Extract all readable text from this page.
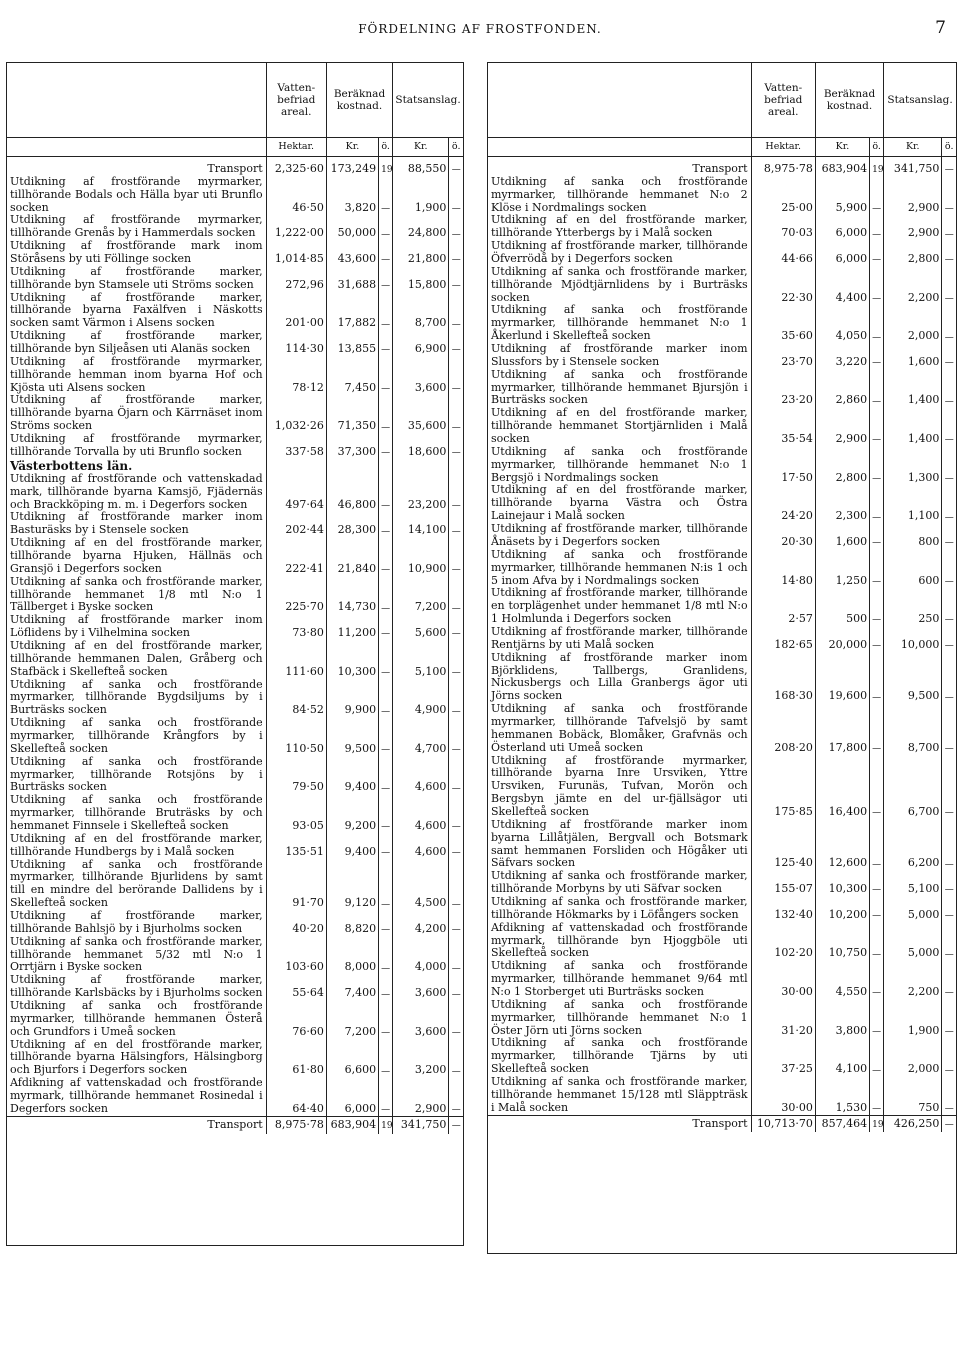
FÖRDELNING AF FROSTFONDEN.	7
	Vatten-befriad areal.	Beräknad kostnad.		Statsanslag.	
	Hektar.	Kr.	ö.	Kr.	ö.
Transport	2,325·60	173,249	19	88,550	—
Utdikning af frostförande myrmarker, tillhörande Bodals och Hälla byar uti Brunflo socken	46·50	3,820	—	1,900	—
Utdikning af frostförande myrmarker, tillhörande Grenås by i Hammerdals socken	1,222·00	50,000	—	24,800	—
Utdikning af frostförande mark inom Störåsens by uti Föllinge socken	1,014·85	43,600	—	21,800	—
Utdikning af frostförande marker, tillhörande byn Stamsele uti Ströms socken	272,96	31,688	—	15,800	—
Utdikning af frostförande marker, tillhörande byarna Faxälfven i Näskotts socken samt Värmon i Alsens socken	201·00	17,882	—	8,700	—
Utdikning af frostförande marker, tillhörande byn Siljeåsen uti Alanäs socken	114·30	13,855	—	6,900	—
Utdikning af frostförande myrmarker, tillhörande hemman inom byarna Hof och Kjösta uti Alsens socken	78·12	7,450	—	3,600	—
Utdikning af frostförande marker, tillhörande byarna Öjarn och Kärrnäset inom Ströms socken	1,032·26	71,350	—	35,600	—
Utdikning af frostförande myrmarker, tillhörande Torvalla by uti Brunflo socken	337·58	37,300	—	18,600	—
Västerbottens län.					
Utdikning af frostförande och vattenskadad mark, tillhörande byarna Kamsjö, Fjädernäs och Brackköping m. m. i Degerfors socken	497·64	46,800	—	23,200	—
Utdikning af frostförande marker inom Basturäsks by i Stensele socken	202·44	28,300	—	14,100	—
Utdikning af en del frostförande marker, tillhörande byarna Hjuken, Hällnäs och Gransjö i Degerfors socken	222·41	21,840	—	10,900	—
Utdikning af sanka och frostförande marker, tillhörande hemmanet 1/8 mtl N:o 1 Tällberget i Byske socken	225·70	14,730	—	7,200	—
Utdikning af frostförande marker inom Löflidens by i Vilhelmina socken	73·80	11,200	—	5,600	—
Utdikning af en del frostförande marker, tillhörande hemmanen Dalen, Gråberg och Stafbäck i Skellefteå socken	111·60	10,300	—	5,100	—
Utdikning af sanka och frostförande myrmarker, tillhörande Bygdsiljums by i Burträsks socken	84·52	9,900	—	4,900	—
Utdikning af sanka och frostförande myrmarker, tillhörande Krångfors by i Skellefteå socken	110·50	9,500	—	4,700	—
Utdikning af sanka och frostförande myrmarker, tillhörande Rotsjöns by i Burträsks socken	79·50	9,400	—	4,600	—
Utdikning af sanka och frostförande myrmarker, tillhörande Bruträsks by och hemmanet Finnsele i Skellefteå socken	93·05	9,200	—	4,600	—
Utdikning af en del frostförande marker, tillhörande Hundbergs by i Malå socken	135·51	9,400	—	4,600	—
Utdikning af sanka och frostförande myrmarker, tillhörande Bjurlidens by samt till en mindre del berörande Dallidens by i Skellefteå socken	91·70	9,120	—	4,500	—
Utdikning af frostförande marker, tillhörande Bahlsjö by i Bjurholms socken	40·20	8,820	—	4,200	—
Utdikning af sanka och frostförande marker, tillhörande hemmanet 5/32 mtl N:o 1 Orrtjärn i Byske socken	103·60	8,000	—	4,000	—
Utdikning af frostförande marker, tillhörande Karlsbäcks by i Bjurholms socken	55·64	7,400	—	3,600	—
Utdikning af sanka och frostförande myrmarker, tillhörande hemmanen Österå och Grundfors i Umeå socken	76·60	7,200	—	3,600	—
Utdikning af en del frostförande marker, tillhörande byarna Hälsingfors, Hälsingborg och Bjurfors i Degerfors socken	61·80	6,600	—	3,200	—
Afdikning af vattenskadad och frostförande myrmark, tillhörande hemmanet Rosinedal i Degerfors socken	64·40	6,000	—	2,900	—
Transport	8,975·78	683,904	19	341,750	—
	Vatten-befriad areal.	Beräknad kostnad.		Statsanslag.	
	Hektar.	Kr.	ö.	Kr.	ö.
Transport	8,975·78	683,904	19	341,750	—
Utdikning af sanka och frostförande myrmarker, tillhörande hemmanet N:o 2 Klöse i Nordmalings socken	25·00	5,900	—	2,900	—
Utdikning af en del frostförande marker, tillhörande Ytterbergs by i Malå socken	70·03	6,000	—	2,900	—
Utdikning af frostförande marker, tillhörande Öfverrödå by i Degerfors socken	44·66	6,000	—	2,800	—
Utdikning af sanka och frostförande marker, tillhörande Mjödtjärnlidens by i Burträsks socken	22·30	4,400	—	2,200	—
Utdikning af sanka och frostförande myrmarker, tillhörande hemmanet N:o 1 Åkerlund i Skellefteå socken	35·60	4,050	—	2,000	—
Utdikning af frostförande marker inom Slussfors by i Stensele socken	23·70	3,220	—	1,600	—
Utdikning af sanka och frostförande myrmarker, tillhörande hemmanet Bjursjön i Burträsks socken	23·20	2,860	—	1,400	—
Utdikning af en del frostförande marker, tillhörande hemmanet Stortjärnliden i Malå socken	35·54	2,900	—	1,400	—
Utdikning af sanka och frostförande myrmarker, tillhörande hemmanet N:o 1 Bergsjö i Nordmalings socken	17·50	2,800	—	1,300	—
Utdikning af en del frostförande marker, tillhörande byarna Västra och Östra Lainejaur i Malå socken	24·20	2,300	—	1,100	—
Utdikning af frostförande marker, tillhörande Ånäsets by i Degerfors socken	20·30	1,600	—	800	—
Utdikning af sanka och frostförande myrmarker, tillhörande hemmanen N:is 1 och 5 inom Afva by i Nordmalings socken	14·80	1,250	—	600	—
Utdikning af frostförande marker, tillhörande en torplägenhet under hemmanet 1/8 mtl N:o 1 Holmlunda i Degerfors socken	2·57	500	—	250	—
Utdikning af frostförande marker, tillhörande Rentjärns by uti Malå socken	182·65	20,000	—	10,000	—
Utdikning af frostförande marker inom Björklidens, Tallbergs, Granlidens, Nickusbergs och Lilla Granbergs ägor uti Jörns socken	168·30	19,600	—	9,500	—
Utdikning af sanka och frostförande myrmarker, tillhörande Tafvelsjö by samt hemmanen Bobäck, Blomåker, Grafvnäs och Österland uti Umeå socken	208·20	17,800	—	8,700	—
Utdikning af frostförande myrmarker, tillhörande byarna Inre Ursviken, Yttre Ursviken, Furunäs, Tufvan, Morön och Bergsbyn jämte en del ur-fjällsägor uti Skellefteå socken	175·85	16,400	—	6,700	—
Utdikning af frostförande marker inom byarna Lillåtjälen, Bergvall och Botsmark samt hemmanen Forsliden och Högåker uti Säfvars socken	125·40	12,600	—	6,200	—
Utdikning af sanka och frostförande marker, tillhörande Morbyns by uti Säfvar socken	155·07	10,300	—	5,100	—
Utdikning af sanka och frostförande marker, tillhörande Hökmarks by i Löfångers socken	132·40	10,200	—	5,000	—
Afdikning af vattenskadad och frostförande myrmark, tillhörande byn Hjoggböle uti Skellefteå socken	102·20	10,750	—	5,000	—
Utdikning af sanka och frostförande myrmarker, tillhörande hemmanet 9/64 mtl N:o 1 Storberget uti Burträsks socken	30·00	4,550	—	2,200	—
Utdikning af sanka och frostförande myrmarker, tillhörande hemmanet N:o 1 Öster Jörn uti Jörns socken	31·20	3,800	—	1,900	—
Utdikning af sanka och frostförande myrmarker, tillhörande Tjärns by uti Skellefteå socken	37·25	4,100	—	2,000	—
Utdikning af sanka och frostförande marker, tillhörande hemmanet 15/128 mtl Släppträsk i Malå socken	30·00	1,530	—	750	—
Transport	10,713·70	857,464	19	426,250	—
